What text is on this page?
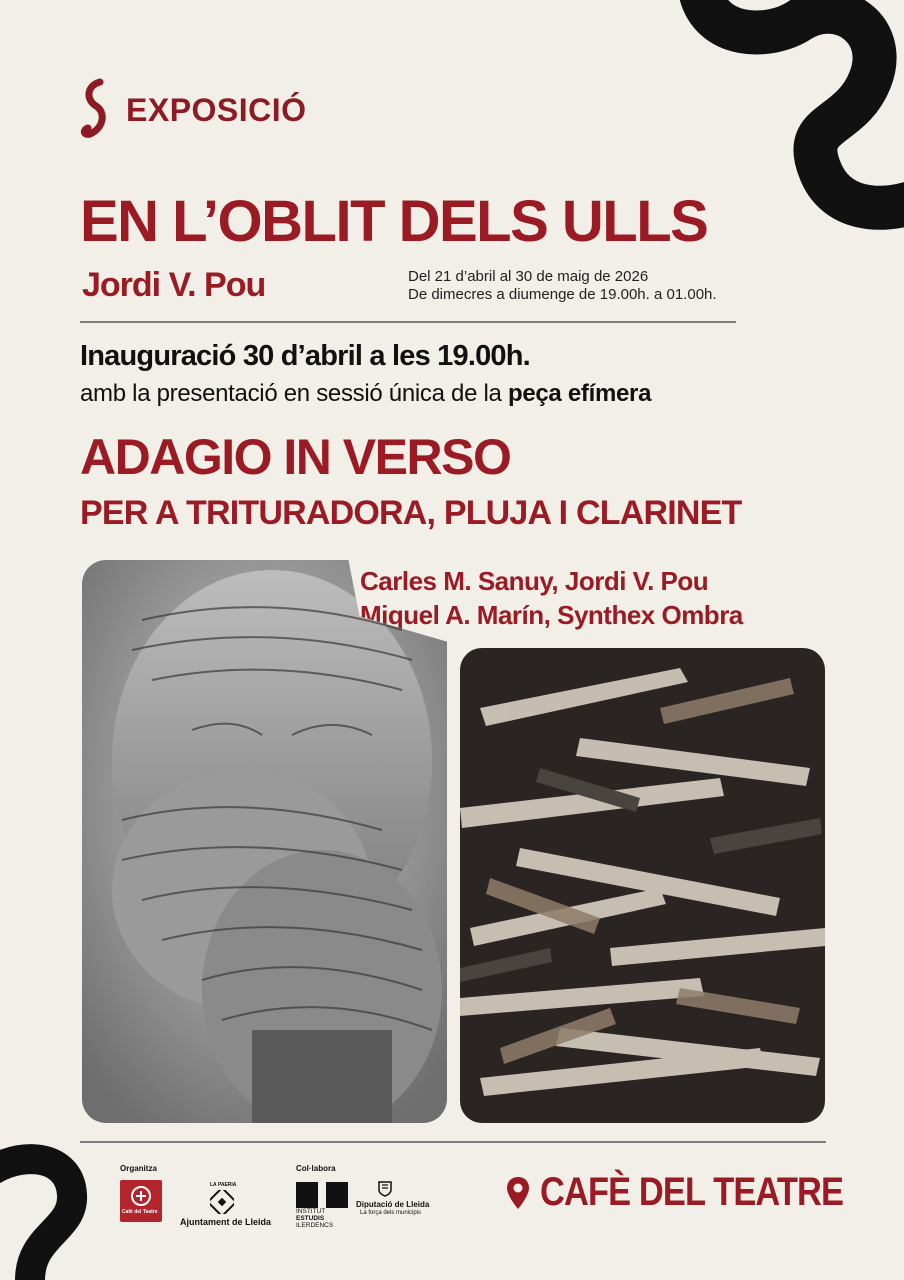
EXPOSICIÓ
EN L’OBLIT DELS ULLS
Jordi V. Pou	Del 21 d’abril al 30 de maig de 2026
De dimecres a diumenge de 19.00h. a 01.00h.
Inauguració 30 d’abril a les 19.00h.
amb la presentació en sessió única de la peça efímera
ADAGIO IN VERSO
PER A TRITURADORA, PLUJA I CLARINET
Carles M. Sanuy, Jordi V. Pou
Miquel A. Marín, Synthex Ombra
Organitza
Cafè del Teatre
LA PAERIA
Ajuntament de Lleida
Col·labora
INSTITUT
ESTUDIS
ILERDENCS
Diputació de Lleida
La força dels municipis	CAFÈ DEL TEATRE
